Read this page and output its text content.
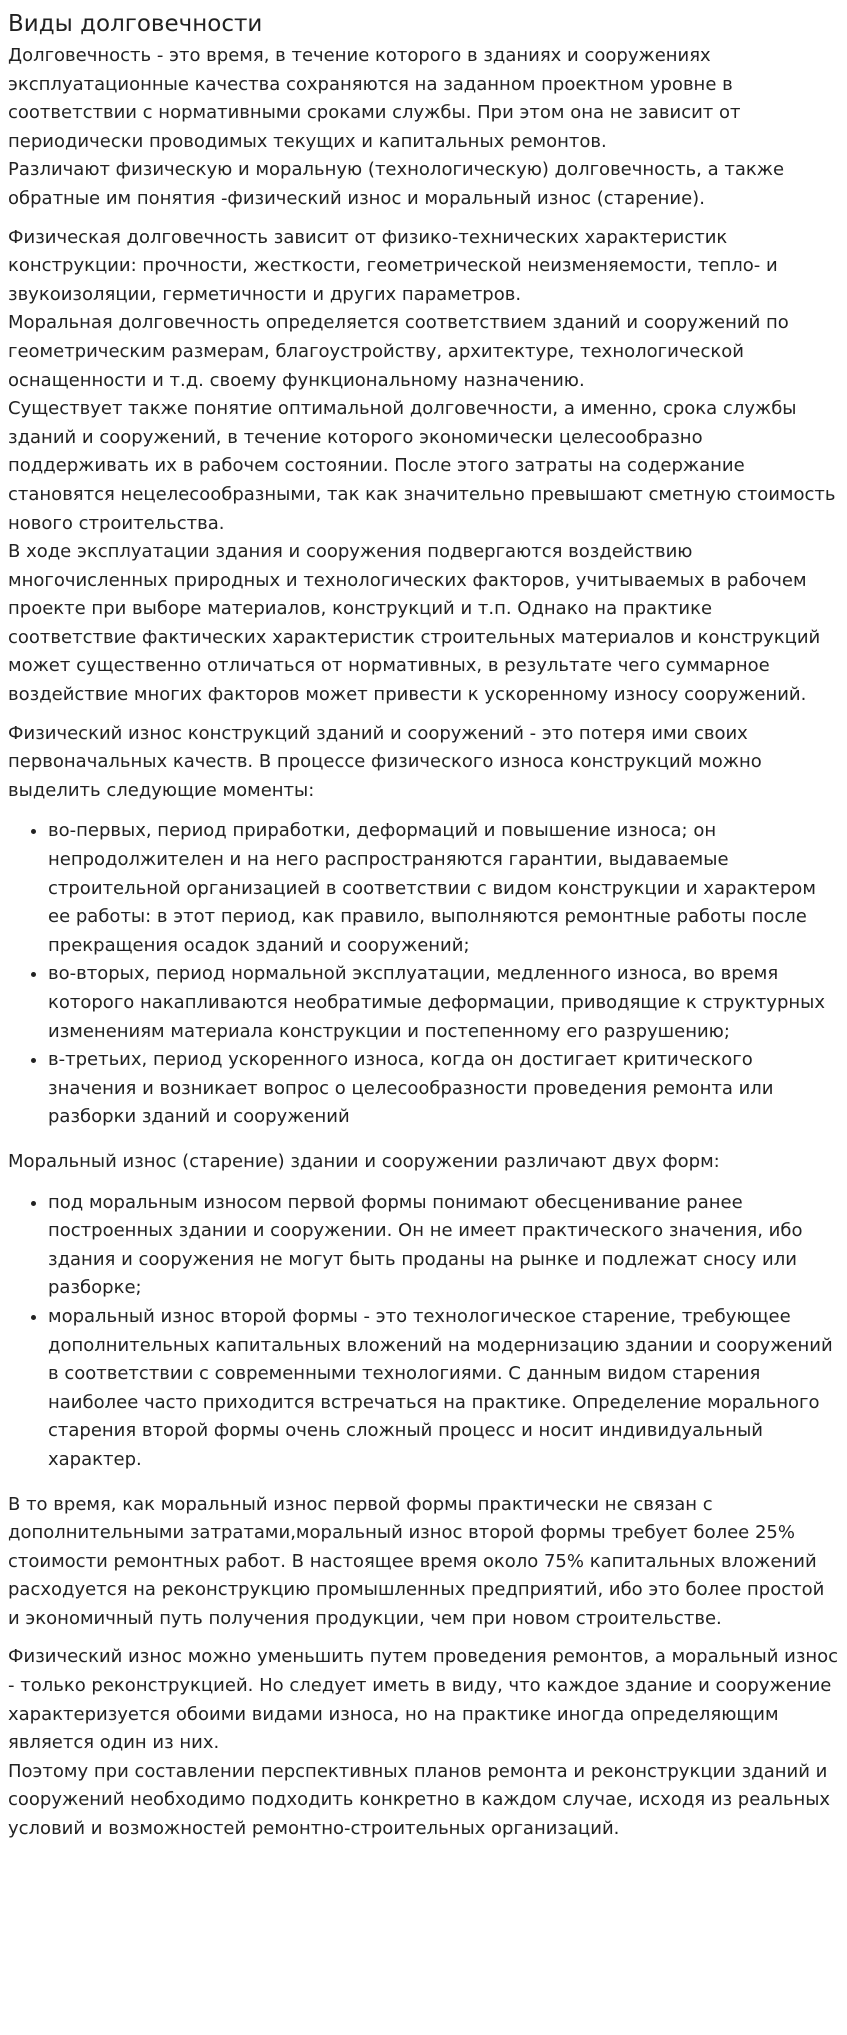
Виды долговечности

Долговечность - это время, в течение которого в зданиях и сооружениях эксплуатационные качества сохраняются на заданном проектном уровне в соответствии с нормативными сроками службы. При этом она не зависит от периодически проводимых текущих и капитальных ремонтов.

Различают физическую и моральную (технологическую) долговечность, а также обратные им понятия -физический износ и моральный износ (старение).

Физическая долговечность зависит от физико-технических характеристик конструкции: прочности, жесткости, геометрической неизменяемости, тепло- и звукоизоляции, герметичности и других параметров.

Моральная долговечность определяется соответствием зданий и сооружений по геометрическим размерам, благоустройству, архитектуре, технологической оснащенности и т.д. своему функциональному назначению.

Существует также понятие оптимальной долговечности, а именно, срока службы зданий и сооружений, в течение которого экономически целесообразно поддерживать их в рабочем состоянии. После этого затраты на содержание становятся нецелесообразными, так как значительно превышают сметную стоимость нового строительства.

В ходе эксплуатации здания и сооружения подвергаются воздействию многочисленных природных и технологических факторов, учитываемых в рабочем проекте при выборе материалов, конструкций и т.п. Однако на практике соответствие фактических характеристик строительных материалов и конструкций может существенно отличаться от нормативных, в результате чего суммарное воздействие многих факторов может привести к ускоренному износу сооружений.

Физический износ конструкций зданий и сооружений - это потеря ими своих первоначальных качеств. В процессе физического износа конструкций можно выделить следующие моменты:

• во-первых, период приработки, деформаций и повышение износа; он непродолжителен и на него распространяются гарантии, выдаваемые строительной организацией в соответствии с видом конструкции и характером ее работы: в этот период, как правило, выполняются ремонтные работы после прекращения осадок зданий и сооружений;
• во-вторых, период нормальной эксплуатации, медленного износа, во время которого накапливаются необратимые деформации, приводящие к структурных изменениям материала конструкции и постепенному его разрушению;
• в-третьих, период ускоренного износа, когда он достигает критического значения и возникает вопрос о целесообразности проведения ремонта или разборки зданий и сооружений

Моральный износ (старение) здании и сооружении различают двух форм:

• под моральным износом первой формы понимают обесценивание ранее построенных здании и сооружении. Он не имеет практического значения, ибо здания и сооружения не могут быть проданы на рынке и подлежат сносу или разборке;
• моральный износ второй формы - это технологическое старение, требующее дополнительных капитальных вложений на модернизацию здании и сооружений в соответствии с современными технологиями. С данным видом старения наиболее часто приходится встречаться на практике. Определение морального старения второй формы очень сложный процесс и носит индивидуальный характер.

В то время, как моральный износ первой формы практически не связан с дополнительными затратами,моральный износ второй формы требует более 25% стоимости ремонтных работ. В настоящее время около 75% капитальных вложений расходуется на реконструкцию промышленных предприятий, ибо это более простой и экономичный путь получения продукции, чем при новом строительстве.

Физический износ можно уменьшить путем проведения ремонтов, а моральный износ - только реконструкцией. Но следует иметь в виду, что каждое здание и сооружение характеризуется обоими видами износа, но на практике иногда определяющим является один из них.

Поэтому при составлении перспективных планов ремонта и реконструкции зданий и сооружений необходимо подходить конкретно в каждом случае, исходя из реальных условий и возможностей ремонтно-строительных организаций.
